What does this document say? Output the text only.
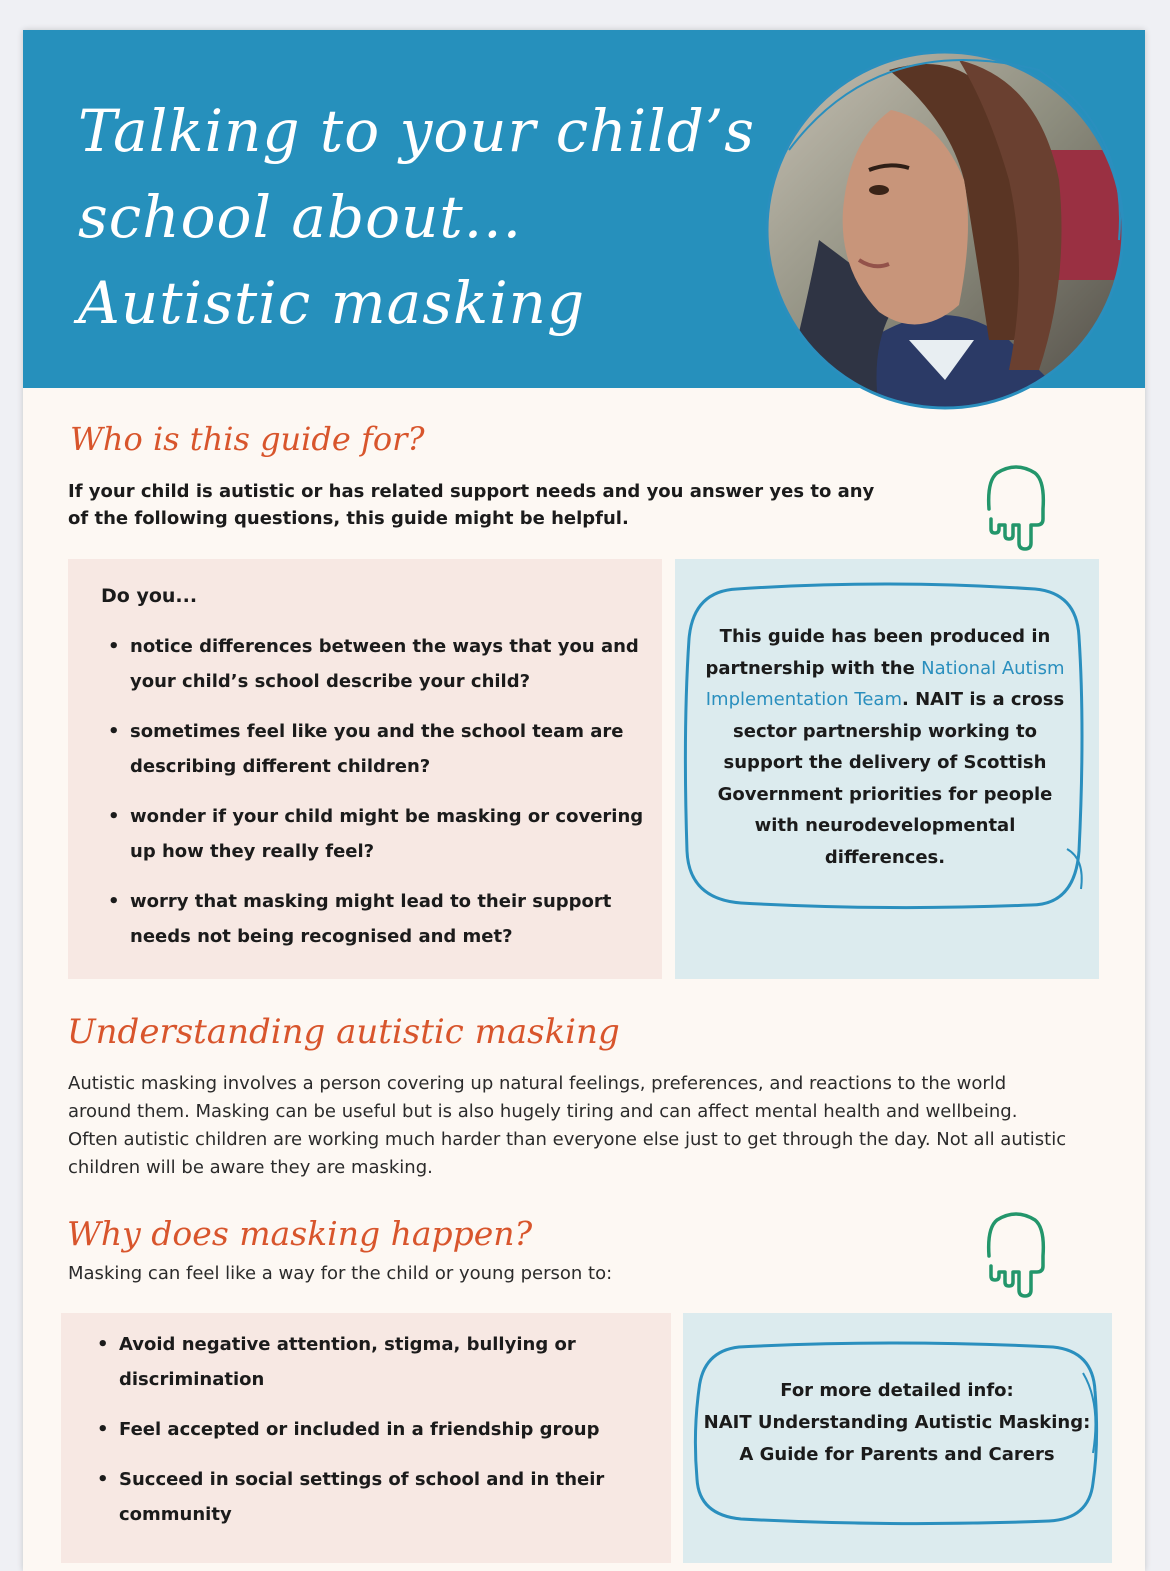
Talking to your child’s
school about...
Autistic masking
Who is this guide for?

If your child is autistic or has related support needs and you answer yes to any of the following questions, this guide might be helpful.

Do you...

• notice differences between the ways that you and your child’s school describe your child?
• sometimes feel like you and the school team are describing different children?
• wonder if your child might be masking or covering up how they really feel?
• worry that masking might lead to their support needs not being recognised and met?

This guide has been produced in partnership with the National Autism Implementation Team. NAIT is a cross sector partnership working to support the delivery of Scottish Government priorities for people with neurodevelopmental differences.

Understanding autistic masking

Autistic masking involves a person covering up natural feelings, preferences, and reactions to the world around them. Masking can be useful but is also hugely tiring and can affect mental health and wellbeing. Often autistic children are working much harder than everyone else just to get through the day. Not all autistic children will be aware they are masking.

Why does masking happen?

Masking can feel like a way for the child or young person to:

• Avoid negative attention, stigma, bullying or discrimination
• Feel accepted or included in a friendship group
• Succeed in social settings of school and in their community

For more detailed info:
NAIT Understanding Autistic Masking:
A Guide for Parents and Carers
